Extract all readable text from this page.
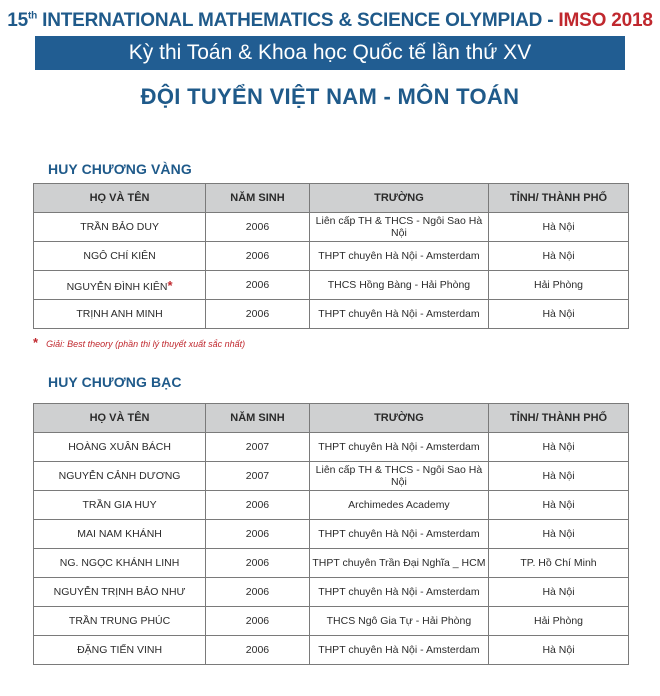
15th INTERNATIONAL MATHEMATICS & SCIENCE OLYMPIAD - IMSO 2018
Kỳ thi Toán & Khoa học Quốc tế lần thứ XV
ĐỘI TUYỂN VIỆT NAM - MÔN TOÁN
HUY CHƯƠNG VÀNG
HỌ VÀ TÊN	NĂM SINH	TRƯỜNG	TỈNH/ THÀNH PHỐ
TRẦN BẢO DUY	2006	Liên cấp TH & THCS - Ngôi Sao Hà Nội	Hà Nội
NGÔ CHÍ KIÊN	2006	THPT chuyên Hà Nội - Amsterdam	Hà Nội
NGUYỄN ĐÌNH KIÊN*	2006	THCS Hồng Bàng - Hải Phòng	Hải Phòng
TRỊNH ANH MINH	2006	THPT chuyên Hà Nội - Amsterdam	Hà Nội
* Giải: Best theory (phần thi lý thuyết xuất sắc nhất)
HUY CHƯƠNG BẠC
HỌ VÀ TÊN	NĂM SINH	TRƯỜNG	TỈNH/ THÀNH PHỐ
HOÀNG XUÂN BÁCH	2007	THPT chuyên Hà Nội - Amsterdam	Hà Nội
NGUYỄN CẢNH DƯƠNG	2007	Liên cấp TH & THCS - Ngôi Sao Hà Nội	Hà Nội
TRẦN GIA HUY	2006	Archimedes Academy	Hà Nội
MAI NAM KHÁNH	2006	THPT chuyên Hà Nội - Amsterdam	Hà Nội
NG. NGỌC KHÁNH LINH	2006	THPT chuyên Trần Đại Nghĩa _ HCM	TP. Hồ Chí Minh
NGUYỄN TRỊNH BẢO NHƯ	2006	THPT chuyên Hà Nội - Amsterdam	Hà Nội
TRẦN TRUNG PHÚC	2006	THCS Ngô Gia Tự - Hải Phòng	Hải Phòng
ĐẶNG TIẾN VINH	2006	THPT chuyên Hà Nội - Amsterdam	Hà Nội
